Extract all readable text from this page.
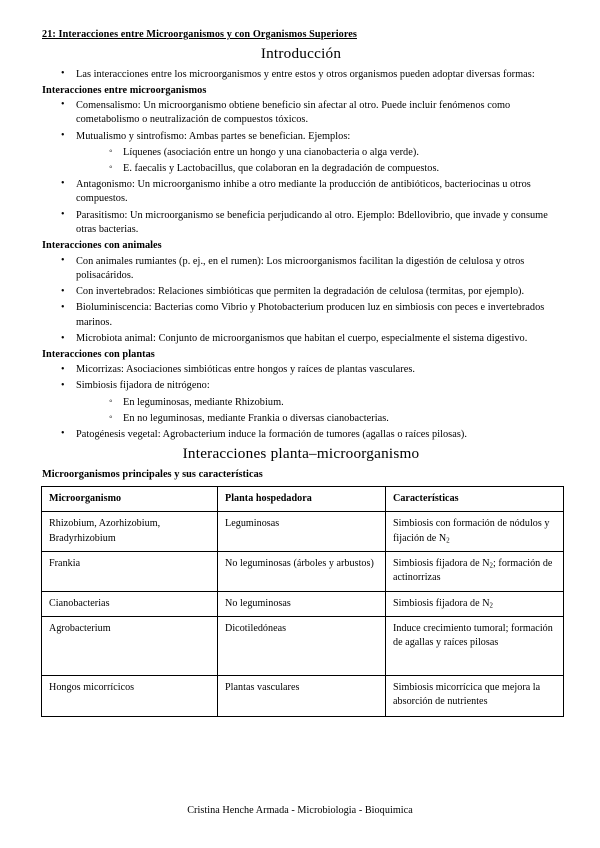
21: Interacciones entre Microorganismos y con Organismos Superiores
Introducción
• Las interacciones entre los microorganismos y entre estos y otros organismos pueden adoptar diversas formas:
Interacciones entre microorganismos
• Comensalismo: Un microorganismo obtiene beneficio sin afectar al otro. Puede incluir fenómenos como cometabolismo o neutralización de compuestos tóxicos.
• Mutualismo y sintrofismo: Ambas partes se benefician. Ejemplos:
◦ Líquenes (asociación entre un hongo y una cianobacteria o alga verde).
◦ E. faecalis y Lactobacillus, que colaboran en la degradación de compuestos.
• Antagonismo: Un microorganismo inhibe a otro mediante la producción de antibióticos, bacteriocinas u otros compuestos.
• Parasitismo: Un microorganismo se beneficia perjudicando al otro. Ejemplo: Bdellovibrio, que invade y consume otras bacterias.
Interacciones con animales
• Con animales rumiantes (p. ej., en el rumen): Los microorganismos facilitan la digestión de celulosa y otros polisacáridos.
• Con invertebrados: Relaciones simbióticas que permiten la degradación de celulosa (termitas, por ejemplo).
• Bioluminiscencia: Bacterias como Vibrio y Photobacterium producen luz en simbiosis con peces e invertebrados marinos.
• Microbiota animal: Conjunto de microorganismos que habitan el cuerpo, especialmente el sistema digestivo.
Interacciones con plantas
• Micorrizas: Asociaciones simbióticas entre hongos y raíces de plantas vasculares.
• Simbiosis fijadora de nitrógeno:
◦ En leguminosas, mediante Rhizobium.
◦ En no leguminosas, mediante Frankia o diversas cianobacterias.
• Patogénesis vegetal: Agrobacterium induce la formación de tumores (agallas o raíces pilosas).
Interacciones planta–microorganismo
Microorganismos principales y sus características
Microorganismo	Planta hospedadora	Características
Rhizobium, Azorhizobium, Bradyrhizobium	Leguminosas	Simbiosis con formación de nódulos y fijación de $N_2$
Frankia	No leguminosas (árboles y arbustos)	Simbiosis fijadora de $N_2$; formación de actinorrizas
Cianobacterias	No leguminosas	Simbiosis fijadora de $N_2$
Agrobacterium	Dicotiledóneas	Induce crecimiento tumoral; formación de agallas y raíces pilosas
Hongos micorrícicos	Plantas vasculares	Simbiosis micorrícica que mejora la absorción de nutrientes
Cristina Henche Armada - Microbiologia - Bioquimica
